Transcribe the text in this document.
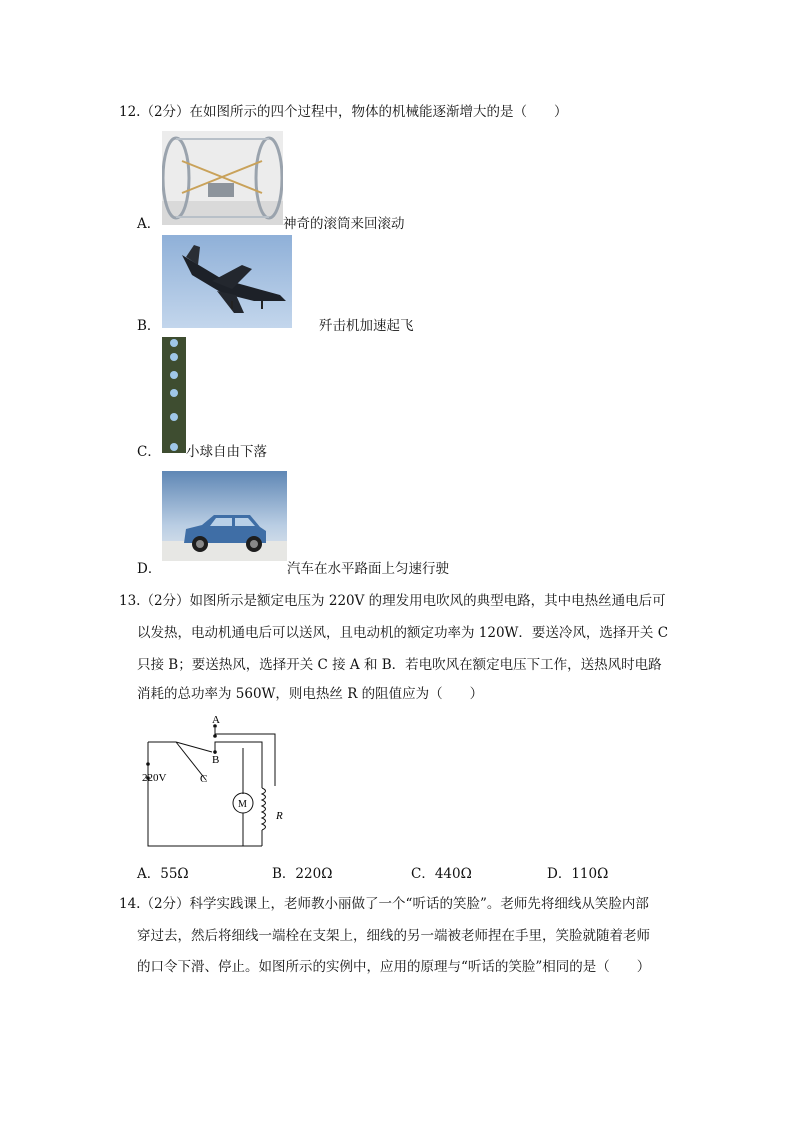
12.（2分）在如图所示的四个过程中，物体的机械能逐渐增大的是（　　）
A．	神奇的滚筒来回滚动
B．	歼击机加速起飞
C． 小球自由下落
D．	汽车在水平路面上匀速行驶
13.（2分）如图所示是额定电压为 220V 的理发用电吹风的典型电路，其中电热丝通电后可
以发热，电动机通电后可以送风，且电动机的额定功率为 120W．要送冷风，选择开关 C
只接 B；要送热风，选择开关 C 接 A 和 B．若电吹风在额定电压下工作，送热风时电路
消耗的总功率为 560W，则电热丝 R 的阻值应为（　　）
A
B
C
220V
M
R
A．55Ω	B．220Ω	C．440Ω	D．110Ω
14.（2分）科学实践课上，老师教小丽做了一个“听话的笑脸”。老师先将细线从笑脸内部
穿过去，然后将细线一端栓在支架上，细线的另一端被老师捏在手里，笑脸就随着老师
的口令下滑、停止。如图所示的实例中，应用的原理与“听话的笑脸”相同的是（　　）
